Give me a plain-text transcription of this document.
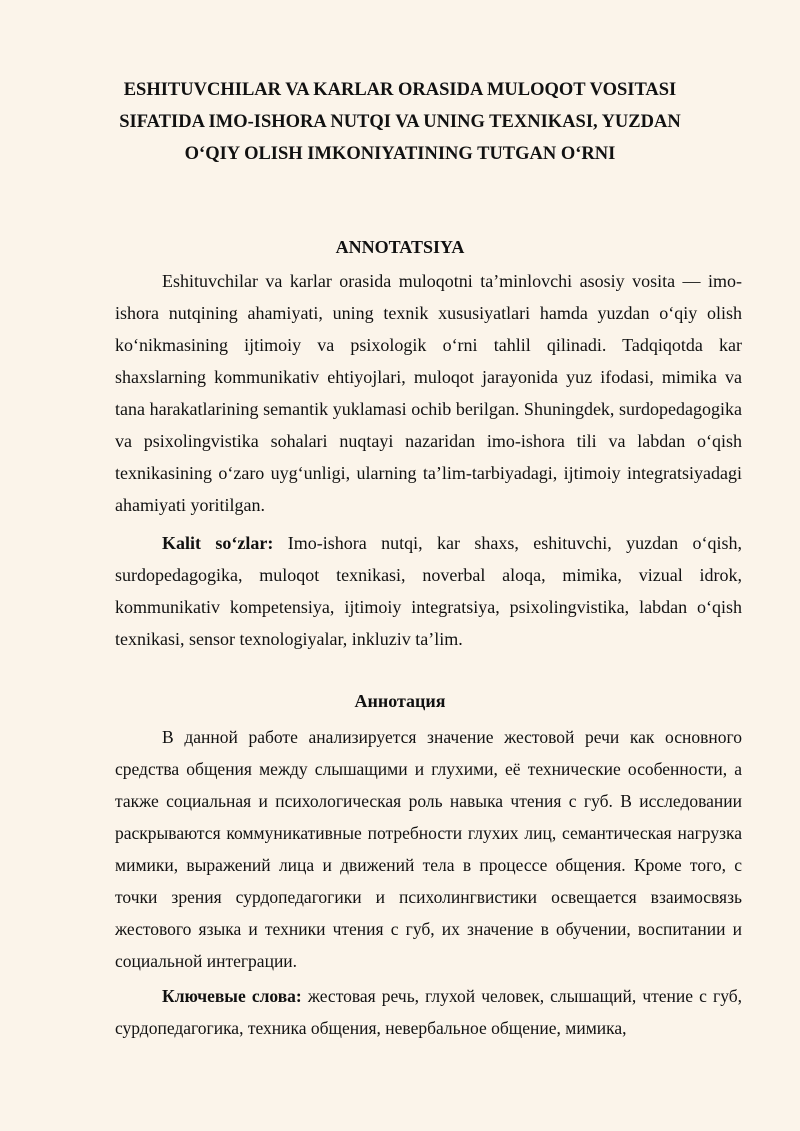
ESHITUVCHILAR VA KARLAR ORASIDA MULOQOT VOSITASI
SIFATIDA IMO-ISHORA NUTQI VA UNING TEXNIKASI, YUZDAN
O‘QIY OLISH IMKONIYATINING TUTGAN O‘RNI
ANNOTATSIYA

Eshituvchilar va karlar orasida muloqotni ta’minlovchi asosiy vosita — imo-ishora nutqining ahamiyati, uning texnik xususiyatlari hamda yuzdan o‘qiy olish ko‘nikmasining ijtimoiy va psixologik o‘rni tahlil qilinadi. Tadqiqotda kar shaxslarning kommunikativ ehtiyojlari, muloqot jarayonida yuz ifodasi, mimika va tana harakatlarining semantik yuklamasi ochib berilgan. Shuningdek, surdopedagogika va psixolingvistika sohalari nuqtayi nazaridan imo-ishora tili va labdan o‘qish texnikasining o‘zaro uyg‘unligi, ularning ta’lim-tarbiyadagi, ijtimoiy integratsiyadagi ahamiyati yoritilgan.

Kalit so‘zlar: Imo-ishora nutqi, kar shaxs, eshituvchi, yuzdan o‘qish, surdopedagogika, muloqot texnikasi, noverbal aloqa, mimika, vizual idrok, kommunikativ kompetensiya, ijtimoiy integratsiya, psixolingvistika, labdan o‘qish texnikasi, sensor texnologiyalar, inkluziv ta’lim.

Аннотация

В данной работе анализируется значение жестовой речи как основного средства общения между слышащими и глухими, её технические особенности, а также социальная и психологическая роль навыка чтения с губ. В исследовании раскрываются коммуникативные потребности глухих лиц, семантическая нагрузка мимики, выражений лица и движений тела в процессе общения. Кроме того, с точки зрения сурдопедагогики и психолингвистики освещается взаимосвязь жестового языка и техники чтения с губ, их значение в обучении, воспитании и социальной интеграции.

Ключевые слова: жестовая речь, глухой человек, слышащий, чтение с губ, сурдопедагогика, техника общения, невербальное общение, мимика,
